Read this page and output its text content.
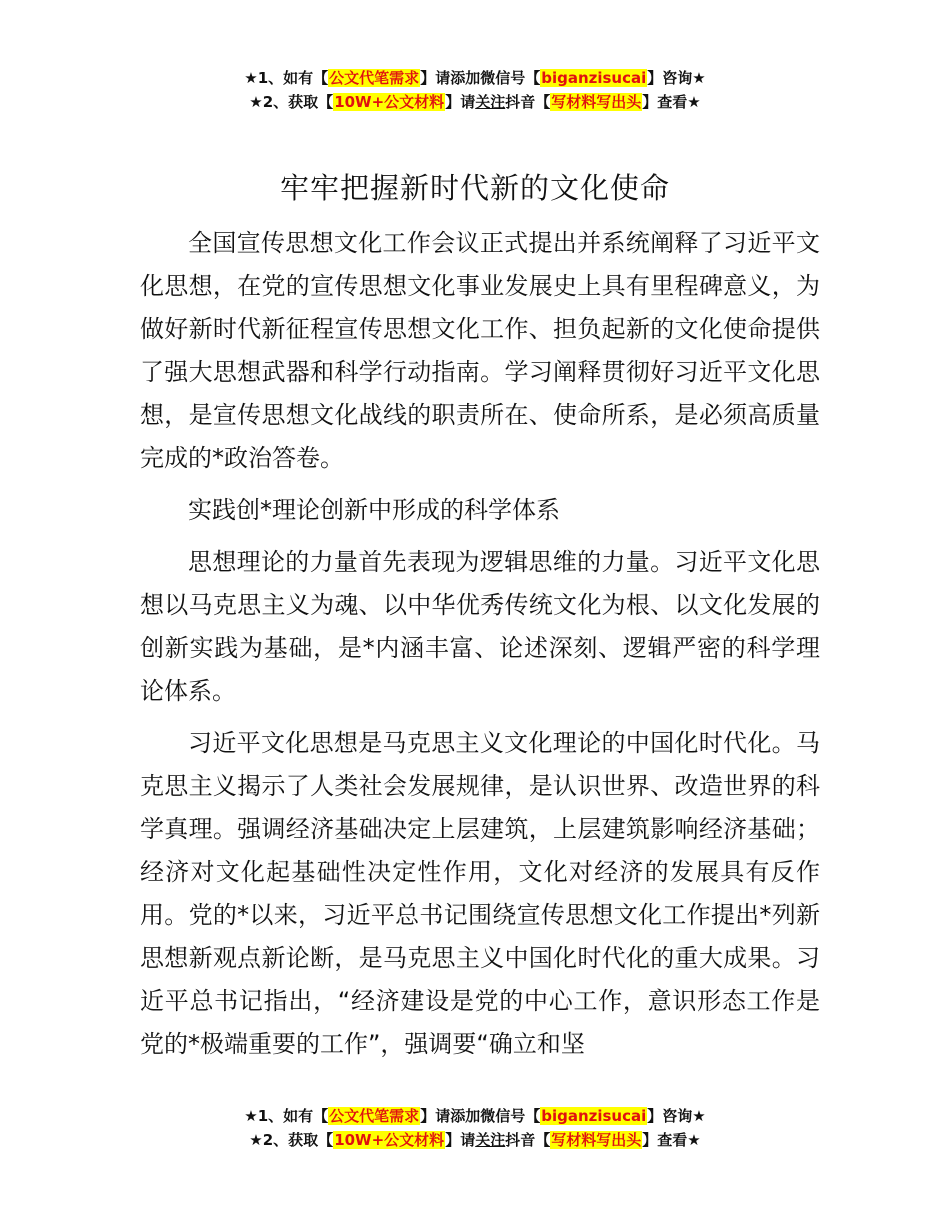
★1、如有【公文代笔需求】请添加微信号【biganzisucai】咨询★
★2、获取【10W+公文材料】请关注抖音【写材料写出头】查看★
牢牢把握新时代新的文化使命

全国宣传思想文化工作会议正式提出并系统阐释了习近平文化思想，在党的宣传思想文化事业发展史上具有里程碑意义，为做好新时代新征程宣传思想文化工作、担负起新的文化使命提供了强大思想武器和科学行动指南。学习阐释贯彻好习近平文化思想，是宣传思想文化战线的职责所在、使命所系，是必须高质量完成的*政治答卷。

实践创*理论创新中形成的科学体系

思想理论的力量首先表现为逻辑思维的力量。习近平文化思想以马克思主义为魂、以中华优秀传统文化为根、以文化发展的创新实践为基础，是*内涵丰富、论述深刻、逻辑严密的科学理论体系。

习近平文化思想是马克思主义文化理论的中国化时代化。马克思主义揭示了人类社会发展规律，是认识世界、改造世界的科学真理。强调经济基础决定上层建筑，上层建筑影响经济基础；经济对文化起基础性决定性作用，文化对经济的发展具有反作用。党的*以来，习近平总书记围绕宣传思想文化工作提出*列新思想新观点新论断，是马克思主义中国化时代化的重大成果。习近平总书记指出，“经济建设是党的中心工作，意识形态工作是党的*极端重要的工作”，强调要“确立和坚

★1、如有【公文代笔需求】请添加微信号【biganzisucai】咨询★
★2、获取【10W+公文材料】请关注抖音【写材料写出头】查看★
